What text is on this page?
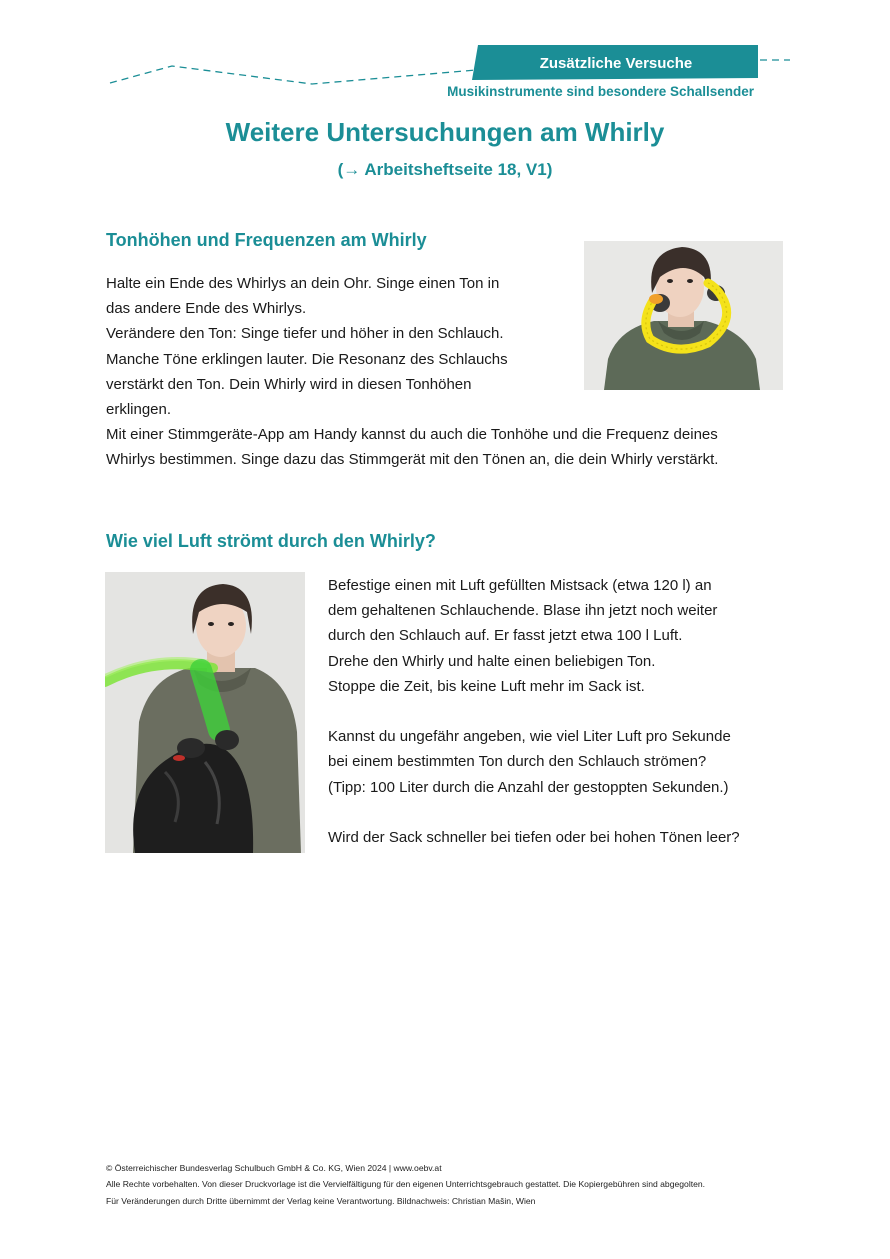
Zusätzliche Versuche
Musikinstrumente sind besondere Schallsender
Weitere Untersuchungen am Whirly
(→ Arbeitsheftseite 18, V1)
Tonhöhen und Frequenzen am Whirly

Halte ein Ende des Whirlys an dein Ohr. Singe einen Ton in

das andere Ende des Whirlys.

Verändere den Ton: Singe tiefer und höher in den Schlauch.

Manche Töne erklingen lauter. Die Resonanz des Schlauchs

verstärkt den Ton. Dein Whirly wird in diesen Tonhöhen

erklingen.

Mit einer Stimmgeräte-App am Handy kannst du auch die Tonhöhe und die Frequenz deines

Whirlys bestimmen. Singe dazu das Stimmgerät mit den Tönen an, die dein Whirly verstärkt.

Wie viel Luft strömt durch den Whirly?

Befestige einen mit Luft gefüllten Mistsack (etwa 120 l) an

dem gehaltenen Schlauchende. Blase ihn jetzt noch weiter

durch den Schlauch auf. Er fasst jetzt etwa 100 l Luft.

Drehe den Whirly und halte einen beliebigen Ton.

Stoppe die Zeit, bis keine Luft mehr im Sack ist.

Kannst du ungefähr angeben, wie viel Liter Luft pro Sekunde

bei einem bestimmten Ton durch den Schlauch strömen?

(Tipp: 100 Liter durch die Anzahl der gestoppten Sekunden.)

Wird der Sack schneller bei tiefen oder bei hohen Tönen leer?

© Österreichischer Bundesverlag Schulbuch GmbH & Co. KG, Wien 2024 | www.oebv.at

Alle Rechte vorbehalten. Von dieser Druckvorlage ist die Vervielfältigung für den eigenen Unterrichtsgebrauch gestattet. Die Kopiergebühren sind abgegolten.

Für Veränderungen durch Dritte übernimmt der Verlag keine Verantwortung. Bildnachweis: Christian Mašin, Wien
